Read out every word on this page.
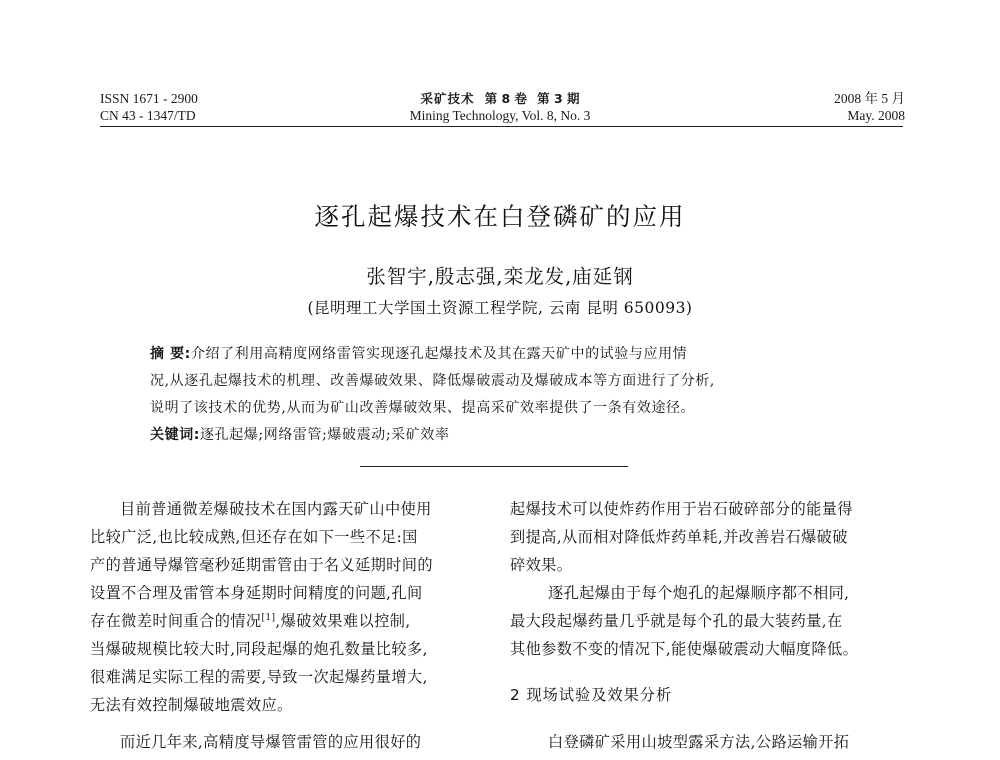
ISSN 1671 - 2900
CN 43 - 1347/TD
采矿技术 第 8 卷 第 3 期
Mining Technology, Vol. 8, No. 3
2008 年 5 月
May. 2008
逐孔起爆技术在白登磷矿的应用
张智宇,殷志强,栾龙发,庙延钢
(昆明理工大学国土资源工程学院, 云南 昆明 650093)
摘 要:介绍了利用高精度网络雷管实现逐孔起爆技术及其在露天矿中的试验与应用情
况,从逐孔起爆技术的机理、改善爆破效果、降低爆破震动及爆破成本等方面进行了分析,
说明了该技术的优势,从而为矿山改善爆破效果、提高采矿效率提供了一条有效途径。
关键词:逐孔起爆;网络雷管;爆破震动;采矿效率
目前普通微差爆破技术在国内露天矿山中使用
比较广泛,也比较成熟,但还存在如下一些不足:国
产的普通导爆管毫秒延期雷管由于名义延期时间的
设置不合理及雷管本身延期时间精度的问题,孔间
存在微差时间重合的情况[1],爆破效果难以控制,
当爆破规模比较大时,同段起爆的炮孔数量比较多,
很难满足实际工程的需要,导致一次起爆药量增大,
无法有效控制爆破地震效应。
而近几年来,高精度导爆管雷管的应用很好的
起爆技术可以使炸药作用于岩石破碎部分的能量得
到提高,从而相对降低炸药单耗,并改善岩石爆破破
碎效果。
逐孔起爆由于每个炮孔的起爆顺序都不相同,
最大段起爆药量几乎就是每个孔的最大装药量,在
其他参数不变的情况下,能使爆破震动大幅度降低。
2 现场试验及效果分析
白登磷矿采用山坡型露采方法,公路运输开拓
